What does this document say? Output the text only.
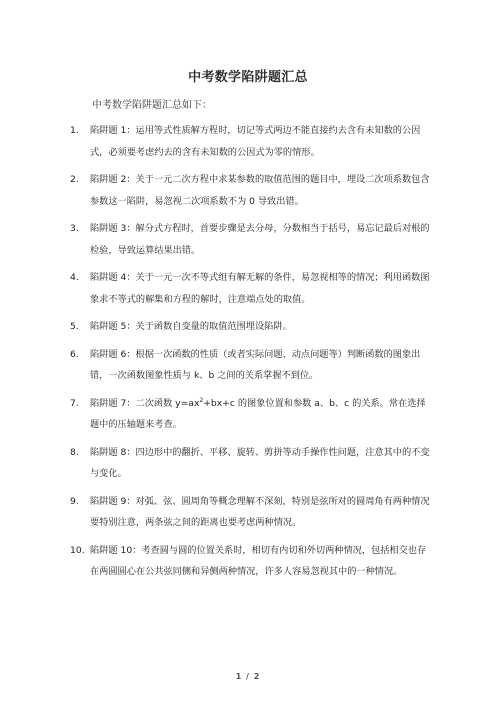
中考数学陷阱题汇总
中考数学陷阱题汇总如下：
1.	陷阱题 1：运用等式性质解方程时，切记等式两边不能直接约去含有未知数的公因式，必须要考虑约去的含有未知数的公因式为零的情形。
2.	陷阱题 2：关于一元二次方程中求某参数的取值范围的题目中，埋设二次项系数包含参数这一陷阱，易忽视二次项系数不为 0 导致出错。
3.	陷阱题 3：解分式方程时，首要步骤是去分母，分数相当于括号，易忘记最后对根的检验，导致运算结果出错。
4.	陷阱题 4：关于一元一次不等式组有解无解的条件，易忽视相等的情况；利用函数图象求不等式的解集和方程的解时，注意端点处的取值。
5.	陷阱题 5：关于函数自变量的取值范围埋设陷阱。
6.	陷阱题 6：根据一次函数的性质（或者实际问题、动点问题等）判断函数的图象出错，一次函数图象性质与 k、b 之间的关系掌握不到位。
7.	陷阱题 7：二次函数 $y=ax^2+bx+c$ 的图象位置和参数 a、b、c 的关系。常在选择题中的压轴题来考查。
8.	陷阱题 8：四边形中的翻折、平移、旋转、剪拼等动手操作性问题，注意其中的不变与变化。
9.	陷阱题 9：对弧、弦、圆周角等概念理解不深刻，特别是弦所对的圆周角有两种情况要特别注意，两条弦之间的距离也要考虑两种情况。
10. 陷阱题 10：考查圆与圆的位置关系时，相切有内切和外切两种情况，包括相交也存在两圆圆心在公共弦同侧和异侧两种情况，许多人容易忽视其中的一种情况。
1 / 2
